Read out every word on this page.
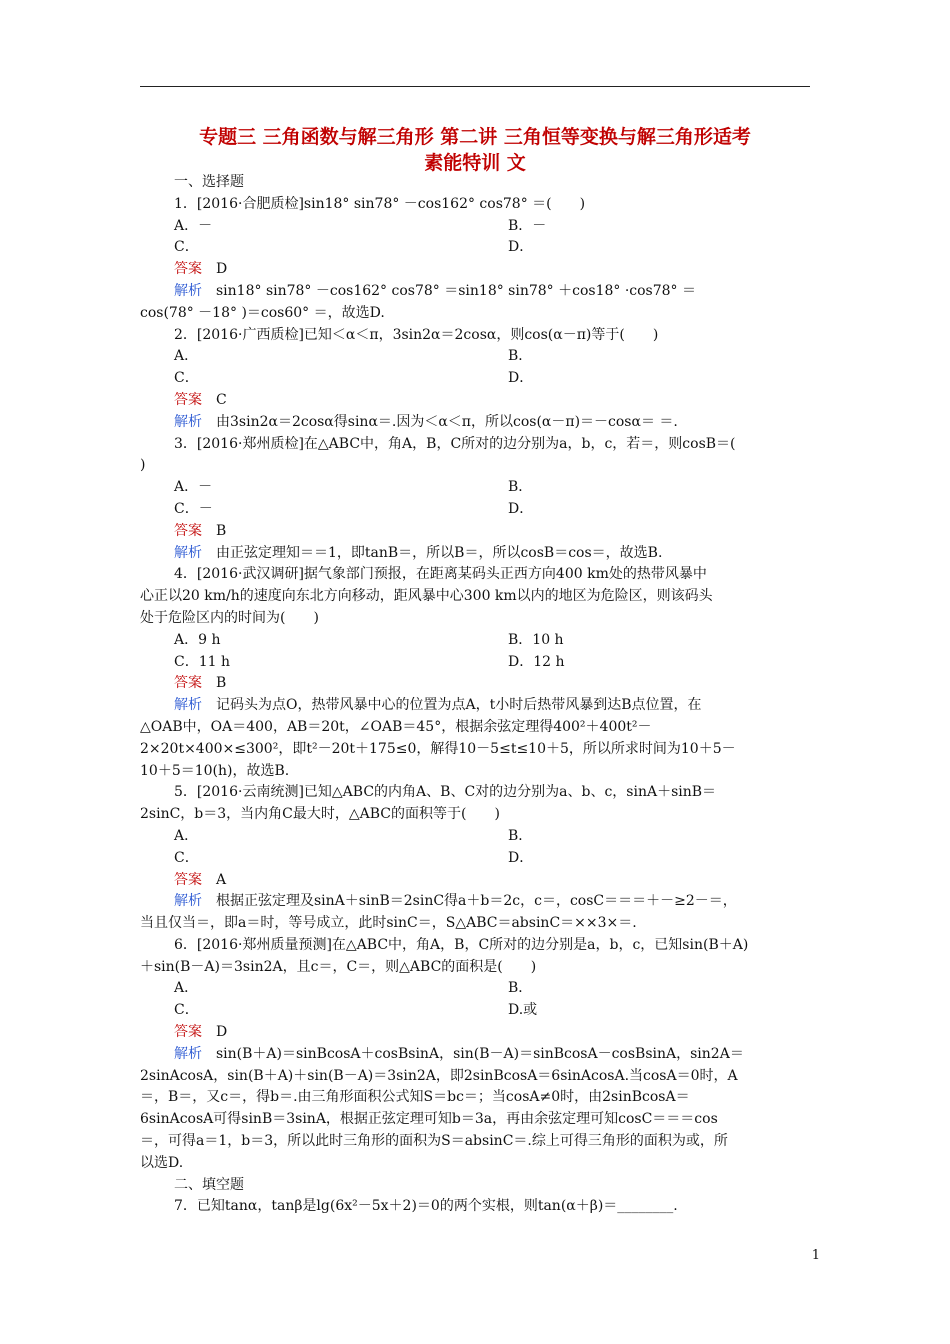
专题三 三角函数与解三角形 第二讲 三角恒等变换与解三角形适考
素能特训 文
一、选择题
1．[2016·合肥质检]sin18° sin78° －cos162° cos78° ＝(　　)
A．－	B．－
C．	D．
答案　 D
解析　 sin18° sin78° －cos162° cos78° ＝sin18° sin78° ＋cos18° ·cos78° ＝
cos(78° －18° )＝cos60° ＝，故选D.
2．[2016·广西质检]已知＜α＜π，3sin2α＝2cosα，则cos(α－π)等于(　　)
A．	B．
C．	D．
答案　 C
解析　 由3sin2α＝2cosα得sinα＝.因为＜α＜π，所以cos(α－π)＝－cosα＝ ＝.
3．[2016·郑州质检]在△ABC中，角A，B，C所对的边分别为a，b，c，若＝，则cosB＝(
)
A．－	B．
C．－	D．
答案　 B
解析　 由正弦定理知＝＝1，即tanB＝，所以B＝，所以cosB＝cos＝，故选B.
4．[2016·武汉调研]据气象部门预报，在距离某码头正西方向400 km处的热带风暴中
心正以20 km/h的速度向东北方向移动，距风暴中心300 km以内的地区为危险区，则该码头
处于危险区内的时间为(　　)
A．9 h	B．10 h
C．11 h	D．12 h
答案　 B
解析　 记码头为点O，热带风暴中心的位置为点A，t小时后热带风暴到达B点位置，在
△OAB中，OA＝400，AB＝20t，∠OAB＝45°，根据余弦定理得400²＋400t²－
2×20t×400×≤300²，即t²－20t＋175≤0，解得10－5≤t≤10＋5，所以所求时间为10＋5－
10＋5＝10(h)，故选B.
5．[2016·云南统测]已知△ABC的内角A、B、C对的边分别为a、b、c，sinA＋sinB＝
2sinC，b＝3，当内角C最大时，△ABC的面积等于(　　)
A．	B．
C．	D．
答案　 A
解析　 根据正弦定理及sinA＋sinB＝2sinC得a＋b＝2c，c＝，cosC＝＝＝＋－≥2－＝，
当且仅当＝，即a＝时，等号成立，此时sinC＝，S△ABC＝absinC＝××3×＝.
6．[2016·郑州质量预测]在△ABC中，角A，B，C所对的边分别是a，b，c，已知sin(B＋A)
＋sin(B－A)＝3sin2A，且c＝，C＝，则△ABC的面积是(　　)
A．	B．
C．	D.或
答案　 D
解析　 sin(B＋A)＝sinBcosA＋cosBsinA，sin(B－A)＝sinBcosA－cosBsinA，sin2A＝
2sinAcosA，sin(B＋A)＋sin(B－A)＝3sin2A，即2sinBcosA＝6sinAcosA.当cosA＝0时，A
＝，B＝，又c＝，得b＝.由三角形面积公式知S＝bc＝；当cosA≠0时，由2sinBcosA＝
6sinAcosA可得sinB＝3sinA，根据正弦定理可知b＝3a，再由余弦定理可知cosC＝＝＝cos
＝，可得a＝1，b＝3，所以此时三角形的面积为S＝absinC＝.综上可得三角形的面积为或，所
以选D.
二、填空题
7．已知tanα，tanβ是lg(6x²－5x＋2)＝0的两个实根，则tan(α＋β)＝________.
1
